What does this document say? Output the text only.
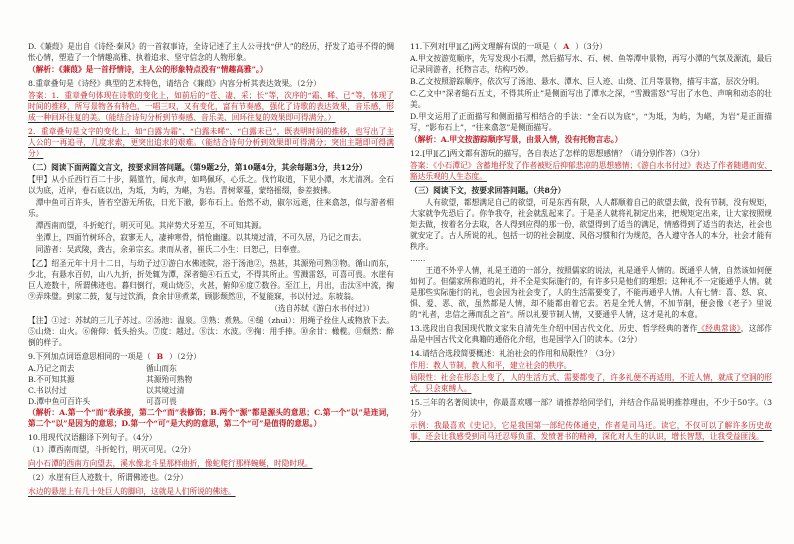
D.《蒹葭》是出自《诗经·秦风》的一首叙事诗，全诗记述了主人公寻找“伊人”的经历，抒发了追寻不得的惆怅心情，塑造了一个情趣高雅、执着追求、坚守信念的人物形象。
（解析：《蒹葭》是一首抒情诗，主人公的形象特点没有“情趣高雅”。）
8.重章叠句是《诗经》典型的艺术特色，请结合《蒹葭》内容分析其表达效果。（2分）
答案：1．重章叠句体现在诗歌的变化上，如前后的“苍、凄、采；长”等，次序的“霜、晞、已”等，体现了时间的推移，所写景物各有特色，一唱三叹，又有变化，富有节奏感，强化了诗歌的表达效果，音乐感，形成一种回环往复的美。（能结合诗句分析到节奏感、音乐美、回环往复的效果即可得满分。）
2．重章叠句是文字的变化上，如“白露为霜”、“白露未晞”、“白露未已”，既表明时间的推移，也写出了主人公的一再追寻，几度求索，更突出追求的艰难。（能结合诗句分析到效果即可得满分；突出主题即可得满分）
（二）阅读下面两篇文言文，按要求回答问题。（第9题2分，第10题4分，其余每题3分，共12分）
【甲】从小丘西行百二十步，隔篁竹，闻水声，如鸣佩环，心乐之。伐竹取道，下见小潭，水尤清冽。全石以为底，近岸，卷石底以出，为坻，为屿，为嵁，为岩。青树翠蔓，蒙络摇缀，参差披拂。
潭中鱼可百许头，皆若空游无所依，日光下澈，影布石上。佁然不动，俶尔远逝，往来翕忽，似与游者相乐。
潭西南而望，斗折蛇行，明灭可见。其岸势犬牙差互，不可知其源。
坐潭上，四面竹树环合，寂寥无人，凄神寒骨，悄怆幽邃。以其境过清，不可久居，乃记之而去。
同游者：吴武陵，龚古，余弟宗玄。隶而从者，崔氏二小生：曰恕己，曰奉壹。
【乙】绍圣元年十月十二日，与幼子过①游白水佛迹院，浴于汤池②，热甚，其源殆可熟③物。循山而东，少北，有悬水百仞，山八九折，折处辄为潭，深者缒④石五丈，不得其所止。雪溅雷怒，可喜可畏。水崖有巨人迹数十，所谓佛迹也。暮归倒行，观山烧⑤，火甚，俯仰⑥度⑦数谷。至江上，月出，击汰⑧中流，掬⑨弄珠璧。到家二鼓，复与过饮酒，食余甘⑩煮菜，顾影颓然⑪，不复能寐，书以付过。东坡翁。
（选自苏轼《游白水书付过》）
【注】①过：苏轼的三儿子苏过。②汤池：温泉。③熟：煮熟。④缒（zhuì）：用绳子拴住人或物放下去。⑤山烧：山火。⑥俯仰：低头抬头。⑦度：越过。⑧汰：水波。⑨掬：用手捧。⑩余甘：橄榄。⑪颓然：醉倒的样子。
9.下列加点词语意思相同的一项是（ B ）（2分）
A.乃记之而去	循山而东
B.不可知其源	其源殆可熟物
C.书以付过	以其境过清
D.潭中鱼可百许头	可喜可畏
（解析：A.第一个“而”表承接，第二个“而”表修饰；B.两个“源”都是源头的意思；C.第一个“以”是连词，第二个“以”是因为的意思；D.第一个“可”是大约的意思，第二个“可”是值得的意思。）
10.用现代汉语翻译下列句子。（4分）
（1）潭西南而望，斗折蛇行，明灭可见。（2分）
向小石潭的西南方向望去，溪水像北斗星那样曲折，像蛇爬行那样蜿蜒，时隐时现。
（2）水崖有巨人迹数十，所谓佛迹也。（2分）
水边的悬崖上有几十处巨人的脚印，这就是人们所说的佛迹。
11.下列对[甲][乙]两文理解有误的一项是（ A ）（3分）
A.甲文按游览顺序，先写发现小石潭，然后描写水、石、树、鱼等潭中景物，再写小潭的气氛及源流，最后记录同游者，托物言志，结构巧妙。
B.乙文按照游踪顺序，依次写了汤池、悬水、潭水、巨人迹、山烧、江月等景物，描写丰富，层次分明。
C.乙文中“深者缒石五丈，不得其所止”是侧面写出了潭水之深，“雪溅雷怒”写出了水色、声响和动态的壮美。
D.甲文运用了正面描写和侧面描写相结合的手法：“全石以为底”，“为坻，为屿，为嵁，为岩”是正面描写，“影布石上”，“往来翕忽”是侧面描写。
（解析：A.甲文按游踪顺序写景，由景入情，没有托物言志。）
12.[甲][乙]两文都有游玩的描写，各自表达了怎样的思想感情？（请分别作答）（3分）
答案：《小石潭记》含蓄地抒发了作者被贬后抑郁悲凉的思想感情；《游白水书付过》表达了作者随遇而安、豁达乐观的人生态度。
（三）阅读下文，按要求回答问题。（共8分）
人有欲望，都想满足自己的欲望，可是东西有限，人人都顺着自己的欲望去做，没有节制，没有规矩，大家就争先恐后了。你争我夺，社会就乱起来了。于是圣人就将礼制定出来，把规矩定出来，让大家按照规矩去做，按着名分去取，各人得到应得的那一份，欲望得到了适当的满足，情感得到了适当的表达，社会也就安定了。古人所说的礼，包括一切的社会制度、风俗习惯和行为规范，各人遵守各人的本分，社会才能有秩序。
……
王道不外乎人情，礼是王道的一部分，按照儒家的说法，礼是通乎人情的。既通乎人情，自然该如何便如何了。但儒家所称道的礼，并不全是实际施行的，有许多只是他们的理想；这种礼不一定能通乎人情。就是那些实际施行的礼，也会因为社会变了，人的生活需要变了，不能再通乎人情。人有七情：喜、怒、哀、惧、爱、恶、欲，虽然都是人情，却不能都由着它去。若是全凭人情，不加节制，便会像《老子》里说的“礼者，忠信之薄而乱之首”。所以礼要节制人情，又要通乎人情，这才是礼的本意。
13.选段出自我国现代散文家朱自清先生介绍中国古代文化、历史、哲学经典的著作《经典常谈》，这部作品是中国古代文化典籍的通俗化介绍，也是国学入门的读本。（2分）
14.请结合选段简要概述：礼治社会的作用和局限性？（3分）
作用：教人节制，教人和平，建立社会的秩序。
局限性：社会在形态上变了，人的生活方式、需要都变了，许多礼便不再适用，不近人情，就成了空洞的形式，只会束缚人。
15.三年的名著阅读中，你最喜欢哪一部？请推荐给同学们，并结合作品说明推荐理由，不少于50字。（3分）
示例：我最喜欢《史记》，它是我国第一部纪传体通史，作者是司马迁。读它，不仅可以了解许多历史故事，还会让我感受到司马迁忍辱负重、发愤著书的精神，深化对人生的认识，增长智慧，让我受益匪浅。
